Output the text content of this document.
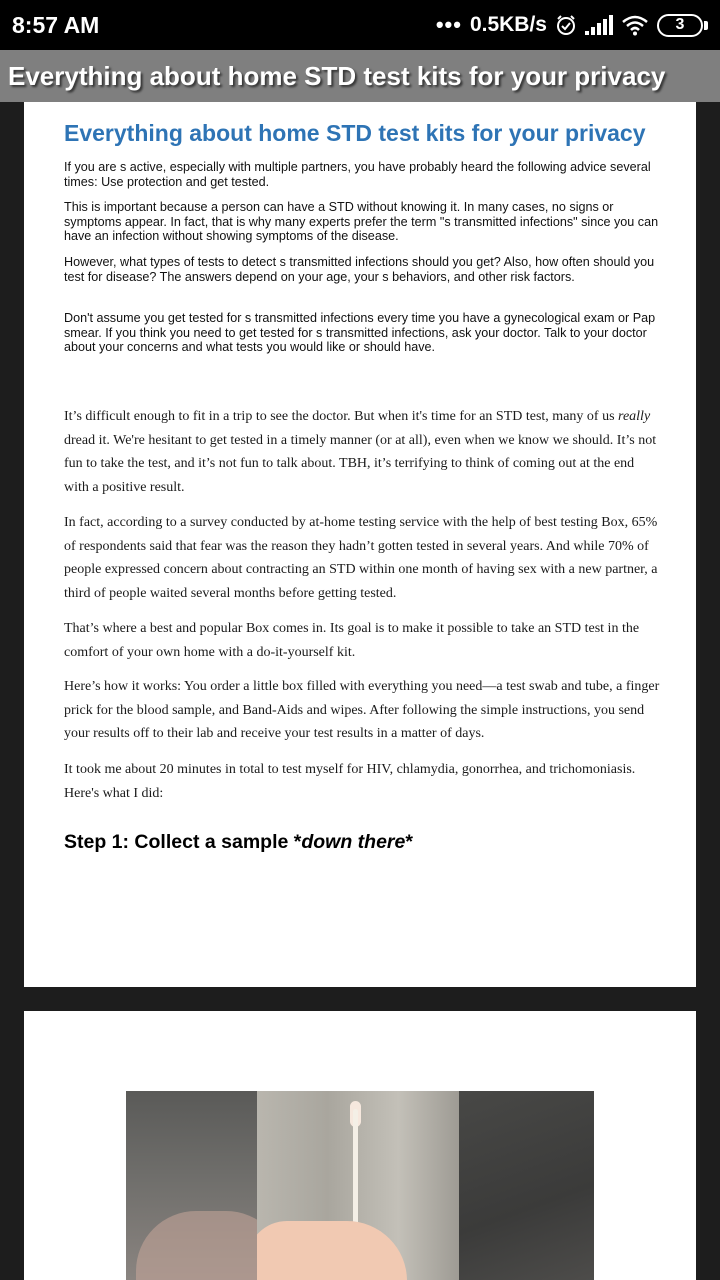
8:57 AM	••• 0.5KB/s	3
Everything about home STD test kits for your privacy
Everything about home STD test kits for your privacy

If you are s active, especially with multiple partners, you have probably heard the following advice several times: Use protection and get tested.

This is important because a person can have a STD without knowing it. In many cases, no signs or symptoms appear. In fact, that is why many experts prefer the term "s transmitted infections" since you can have an infection without showing symptoms of the disease.

However, what types of tests to detect s transmitted infections should you get? Also, how often should you test for disease? The answers depend on your age, your s behaviors, and other risk factors.

Don't assume you get tested for s transmitted infections every time you have a gynecological exam or Pap smear. If you think you need to get tested for s transmitted infections, ask your doctor. Talk to your doctor about your concerns and what tests you would like or should have.

It’s difficult enough to fit in a trip to see the doctor. But when it's time for an STD test, many of us really dread it. We're hesitant to get tested in a timely manner (or at all), even when we know we should. It’s not fun to take the test, and it’s not fun to talk about. TBH, it’s terrifying to think of coming out at the end with a positive result.

In fact, according to a survey conducted by at-home testing service with the help of best testing Box, 65% of respondents said that fear was the reason they hadn’t gotten tested in several years. And while 70% of people expressed concern about contracting an STD within one month of having sex with a new partner, a third of people waited several months before getting tested.

That’s where a best and popular Box comes in. Its goal is to make it possible to take an STD test in the comfort of your own home with a do-it-yourself kit.

Here’s how it works: You order a little box filled with everything you need—a test swab and tube, a finger prick for the blood sample, and Band-Aids and wipes. After following the simple instructions, you send your results off to their lab and receive your test results in a matter of days.

It took me about 20 minutes in total to test myself for HIV, chlamydia, gonorrhea, and trichomoniasis. Here's what I did:

Step 1: Collect a sample *down there*
